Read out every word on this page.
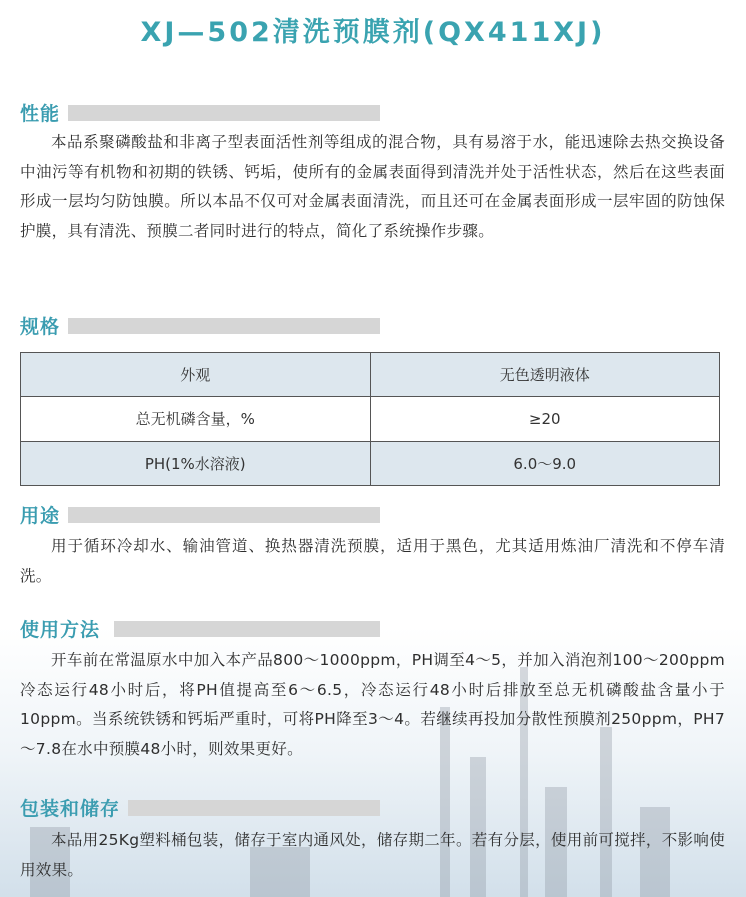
XJ—502清洗预膜剂(QX411XJ)
性能

本品系聚磷酸盐和非离子型表面活性剂等组成的混合物，具有易溶于水，能迅速除去热交换设备中油污等有机物和初期的铁锈、钙垢，使所有的金属表面得到清洗并处于活性状态，然后在这些表面形成一层均匀防蚀膜。所以本品不仅可对金属表面清洗，而且还可在金属表面形成一层牢固的防蚀保护膜，具有清洗、预膜二者同时进行的特点，简化了系统操作步骤。

规格
外观	无色透明液体
总无机磷含量，%	≥20
PH(1%水溶液)	6.0～9.0
用途

用于循环冷却水、输油管道、换热器清洗预膜，适用于黑色，尤其适用炼油厂清洗和不停车清洗。

使用方法

开车前在常温原水中加入本产品800～1000ppm，PH调至4～5，并加入消泡剂100～200ppm冷态运行48小时后，将PH值提高至6～6.5，冷态运行48小时后排放至总无机磷酸盐含量小于10ppm。当系统铁锈和钙垢严重时，可将PH降至3～4。若继续再投加分散性预膜剂250ppm，PH7～7.8在水中预膜48小时，则效果更好。

包装和储存

本品用25Kg塑料桶包装，储存于室内通风处，储存期二年。若有分层，使用前可搅拌，不影响使用效果。
